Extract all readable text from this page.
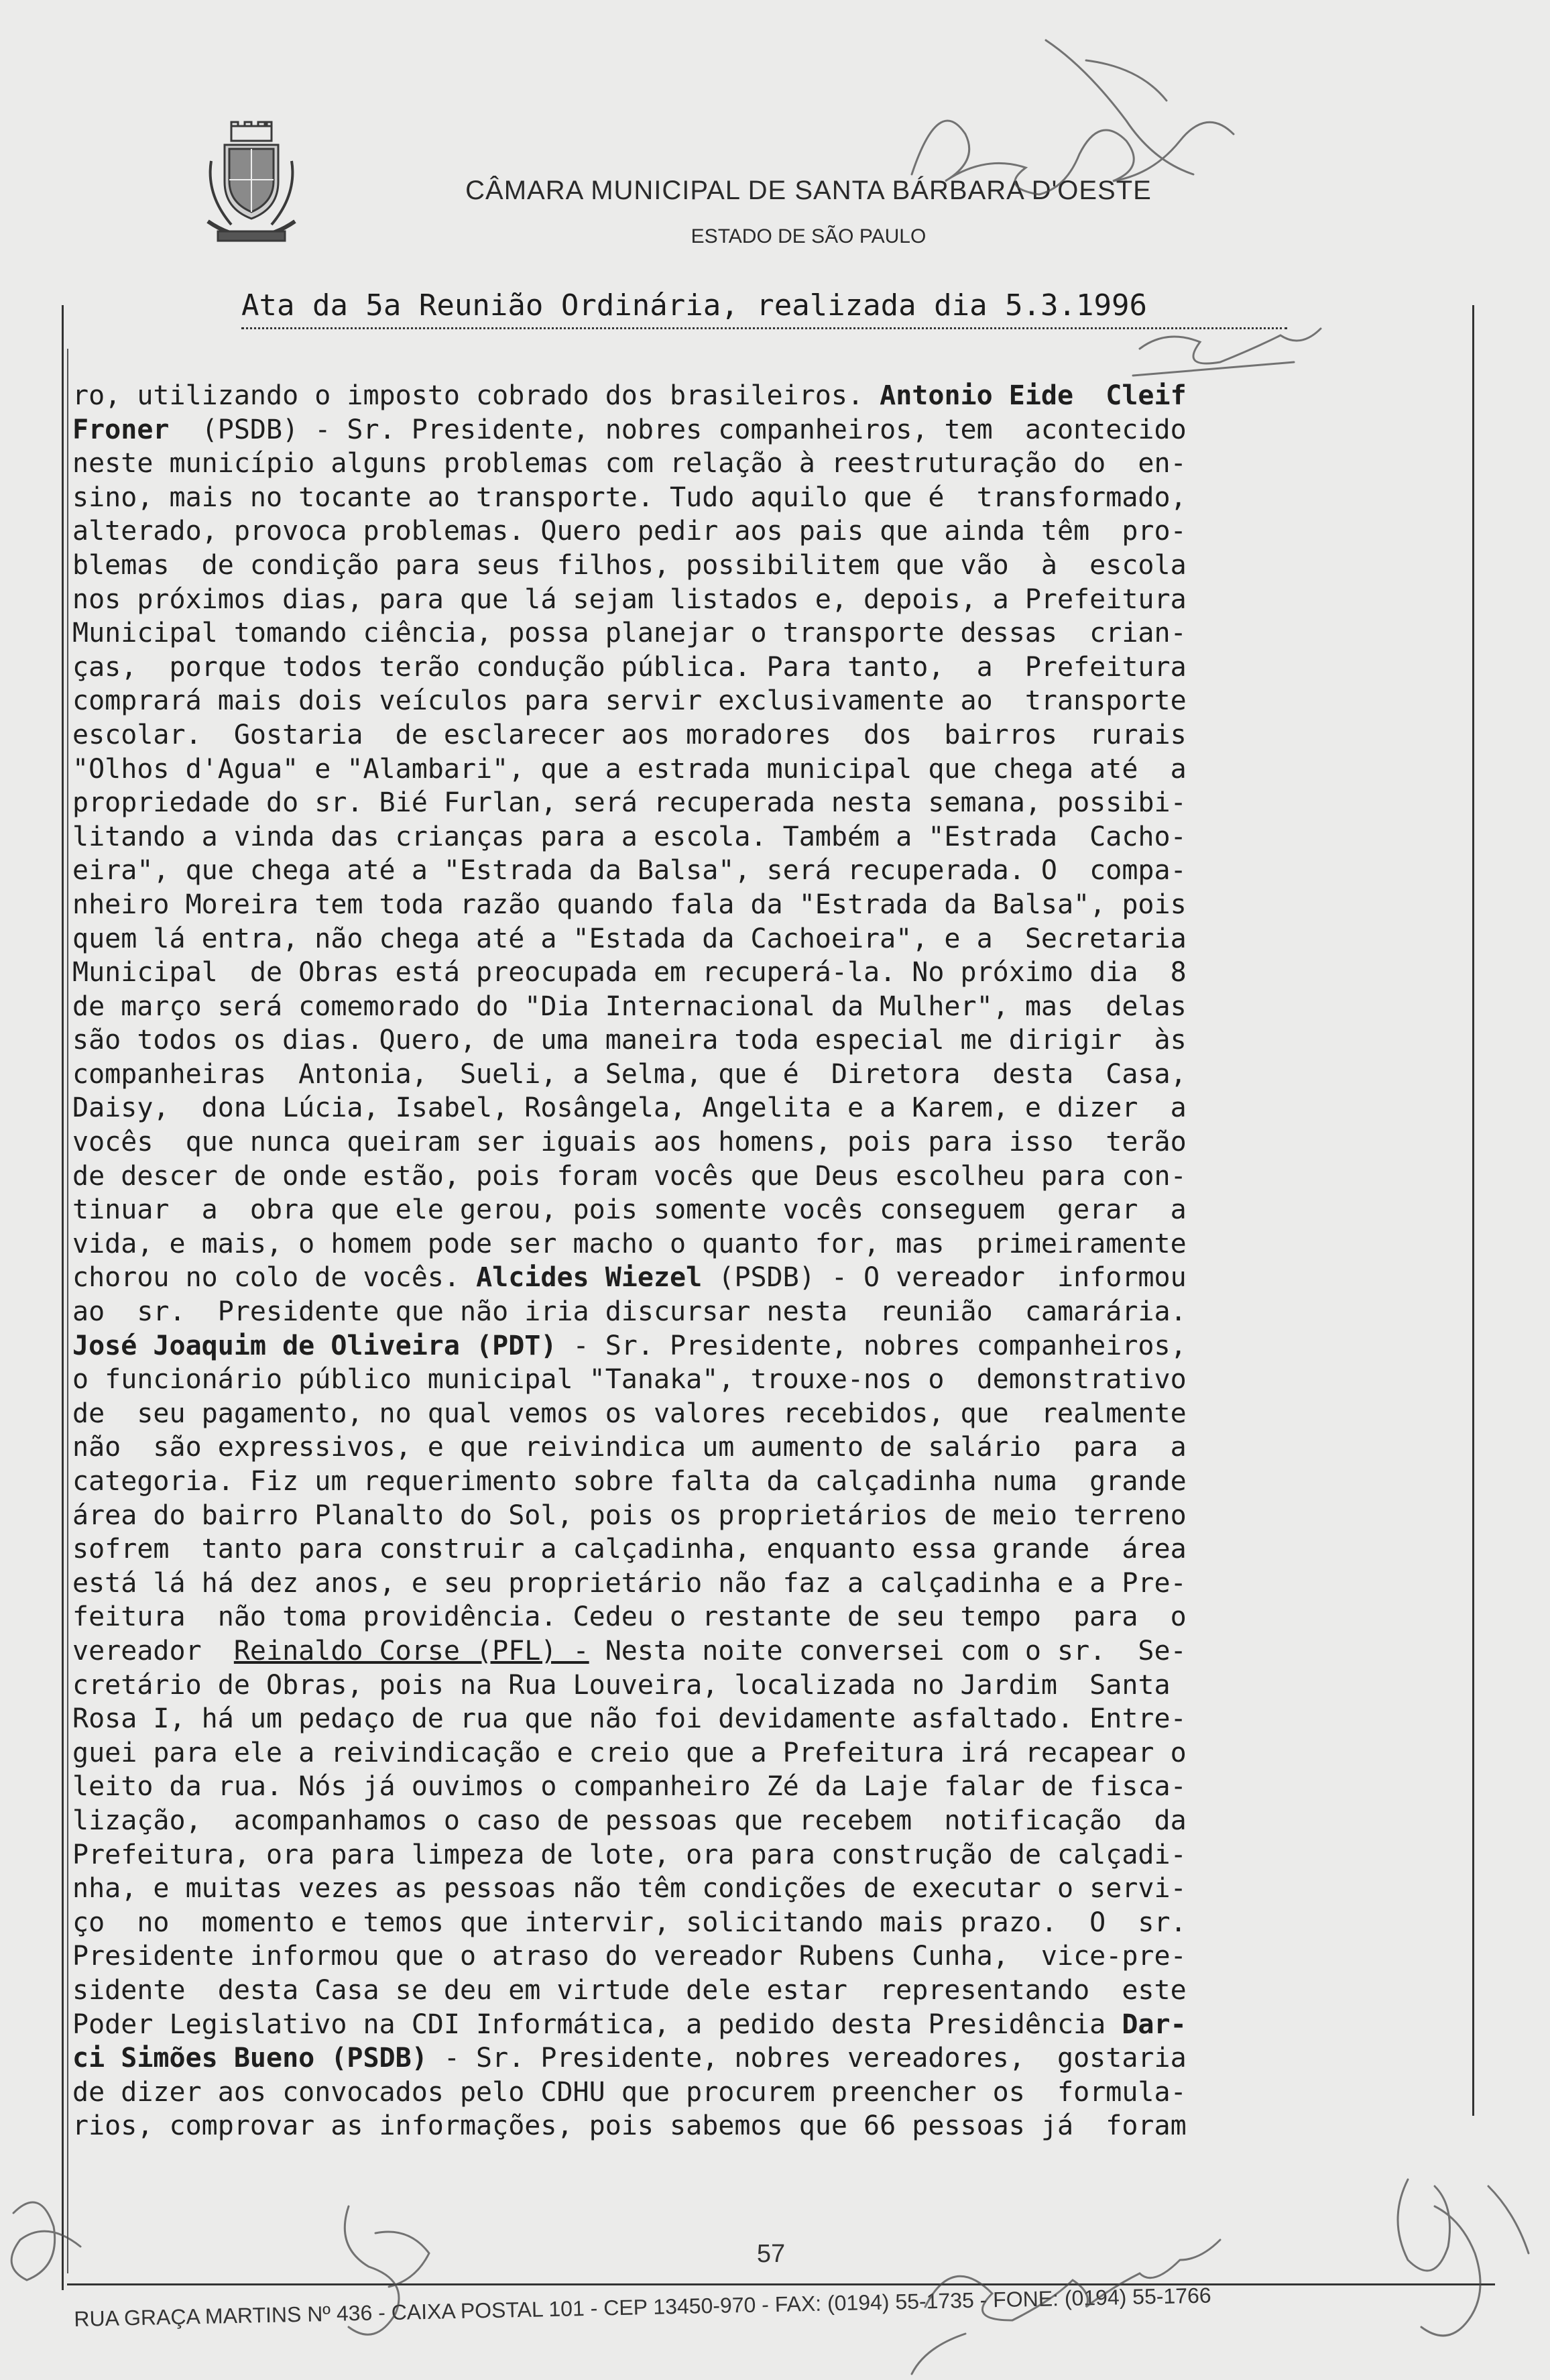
CÂMARA MUNICIPAL DE SANTA BÁRBARA D'OESTE
ESTADO DE SÃO PAULO
Ata da 5a Reunião Ordinária, realizada dia 5.3.1996
ro, utilizando o imposto cobrado dos brasileiros. Antonio Eide  Cleif
Froner  (PSDB) - Sr. Presidente, nobres companheiros, tem  acontecido
neste município alguns problemas com relação à reestruturação do  en-
sino, mais no tocante ao transporte. Tudo aquilo que é  transformado,
alterado, provoca problemas. Quero pedir aos pais que ainda têm  pro-
blemas  de condição para seus filhos, possibilitem que vão  à  escola
nos próximos dias, para que lá sejam listados e, depois, a Prefeitura
Municipal tomando ciência, possa planejar o transporte dessas  crian-
ças,  porque todos terão condução pública. Para tanto,  a  Prefeitura
comprará mais dois veículos para servir exclusivamente ao  transporte
escolar.  Gostaria  de esclarecer aos moradores  dos  bairros  rurais
"Olhos d'Agua" e "Alambari", que a estrada municipal que chega até  a
propriedade do sr. Bié Furlan, será recuperada nesta semana, possibi-
litando a vinda das crianças para a escola. Também a "Estrada  Cacho-
eira", que chega até a "Estrada da Balsa", será recuperada. O  compa-
nheiro Moreira tem toda razão quando fala da "Estrada da Balsa", pois
quem lá entra, não chega até a "Estada da Cachoeira", e a  Secretaria
Municipal  de Obras está preocupada em recuperá-la. No próximo dia  8
de março será comemorado do "Dia Internacional da Mulher", mas  delas
são todos os dias. Quero, de uma maneira toda especial me dirigir  às
companheiras  Antonia,  Sueli, a Selma, que é  Diretora  desta  Casa,
Daisy,  dona Lúcia, Isabel, Rosângela, Angelita e a Karem, e dizer  a
vocês  que nunca queiram ser iguais aos homens, pois para isso  terão
de descer de onde estão, pois foram vocês que Deus escolheu para con-
tinuar  a  obra que ele gerou, pois somente vocês conseguem  gerar  a
vida, e mais, o homem pode ser macho o quanto for, mas  primeiramente
chorou no colo de vocês. Alcides Wiezel (PSDB) - O vereador  informou
ao  sr.  Presidente que não iria discursar nesta  reunião  camarária.
José Joaquim de Oliveira (PDT) - Sr. Presidente, nobres companheiros,
o funcionário público municipal "Tanaka", trouxe-nos o  demonstrativo
de  seu pagamento, no qual vemos os valores recebidos, que  realmente
não  são expressivos, e que reivindica um aumento de salário  para  a
categoria. Fiz um requerimento sobre falta da calçadinha numa  grande
área do bairro Planalto do Sol, pois os proprietários de meio terreno
sofrem  tanto para construir a calçadinha, enquanto essa grande  área
está lá há dez anos, e seu proprietário não faz a calçadinha e a Pre-
feitura  não toma providência. Cedeu o restante de seu tempo  para  o
vereador  Reinaldo Corse (PFL) - Nesta noite conversei com o sr.  Se-
cretário de Obras, pois na Rua Louveira, localizada no Jardim  Santa
Rosa I, há um pedaço de rua que não foi devidamente asfaltado. Entre-
guei para ele a reivindicação e creio que a Prefeitura irá recapear o
leito da rua. Nós já ouvimos o companheiro Zé da Laje falar de fisca-
lização,  acompanhamos o caso de pessoas que recebem  notificação  da
Prefeitura, ora para limpeza de lote, ora para construção de calçadi-
nha, e muitas vezes as pessoas não têm condições de executar o servi-
ço  no  momento e temos que intervir, solicitando mais prazo.  O  sr.
Presidente informou que o atraso do vereador Rubens Cunha,  vice-pre-
sidente  desta Casa se deu em virtude dele estar  representando  este
Poder Legislativo na CDI Informática, a pedido desta Presidência Dar-
ci Simões Bueno (PSDB) - Sr. Presidente, nobres vereadores,  gostaria
de dizer aos convocados pelo CDHU que procurem preencher os  formula-
rios, comprovar as informações, pois sabemos que 66 pessoas já  foram
57
RUA GRAÇA MARTINS Nº 436 - CAIXA POSTAL 101 - CEP 13450-970 - FAX: (0194) 55-1735 - FONE: (0194) 55-1766
